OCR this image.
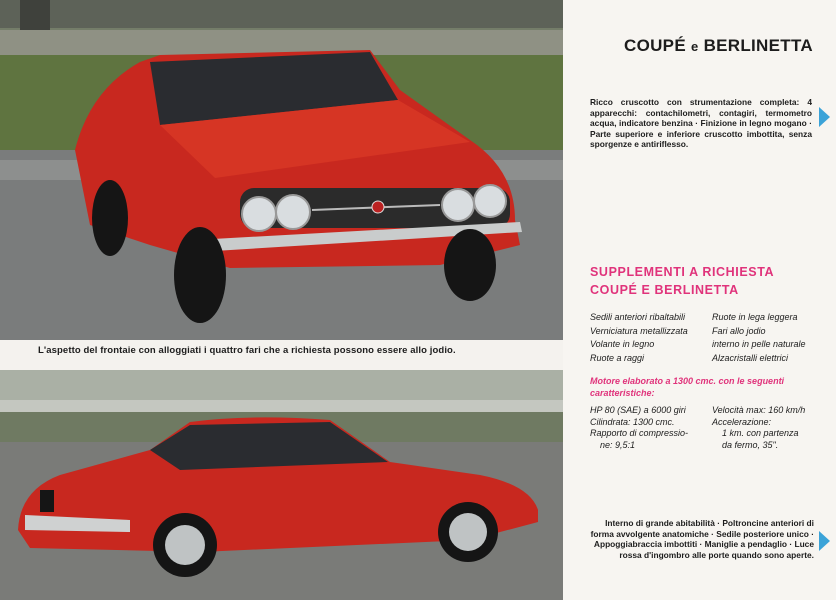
L'aspetto del frontaie con alloggiati i quattro fari che a richiesta possono essere allo jodio.
COUPÉ e BERLINETTA
Ricco cruscotto con strumentazione completa: 4 apparecchi: contachilometri, contagiri, termometro acqua, indicatore benzina · Finizione in legno mogano · Parte superiore e inferiore cruscotto imbottita, senza sporgenze e antiriflesso.
SUPPLEMENTI A RICHIESTA
COUPÉ E BERLINETTA
Sedili anteriori ribaltabili
Verniciatura metallizzata
Volante in legno
Ruote a raggi
Ruote in lega leggera
Fari allo jodio
interno in pelle naturale
Alzacristalli elettrici
Motore elaborato a 1300 cmc. con le seguenti caratteristiche:
HP 80 (SAE) a 6000 giri
Cilindrata: 1300 cmc.
Rapporto di compressio-
ne: 9,5:1
Velocità max: 160 km/h
Accelerazione:
1 km. con partenza
da fermo, 35".
Interno di grande abitabilità · Poltroncine anteriori di forma avvolgente anatomiche · Sedile posteriore unico · Appoggiabraccia imbottiti · Maniglie a pendaglio · Luce rossa d'ingombro alle porte quando sono aperte.
